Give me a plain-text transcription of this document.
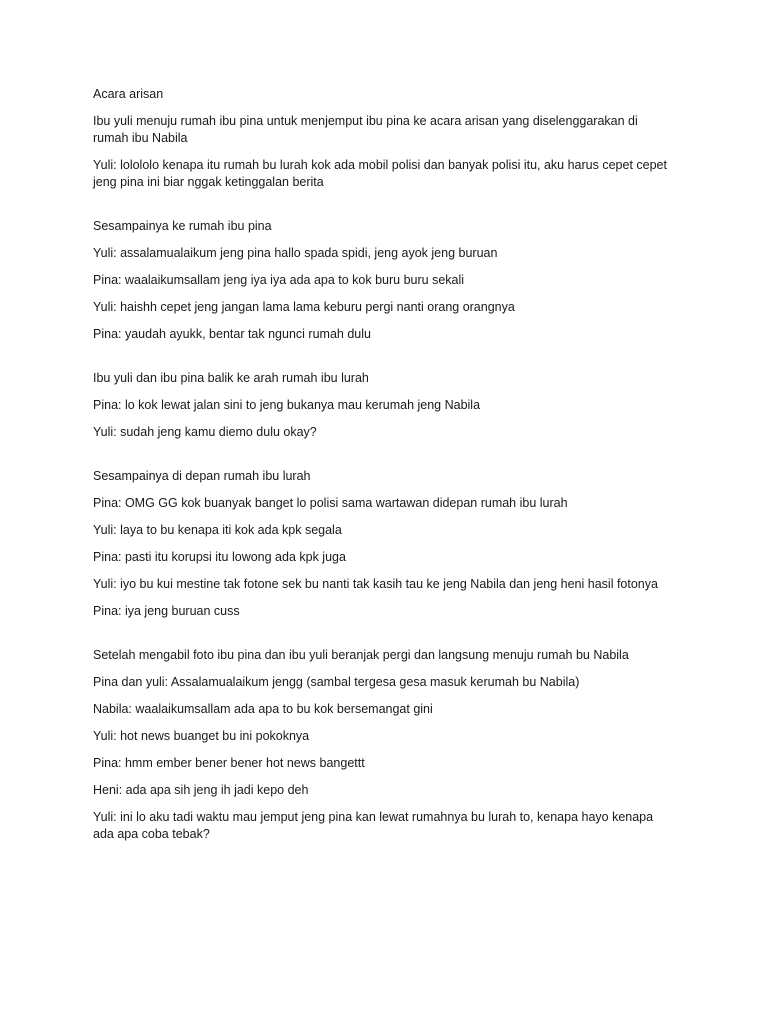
Acara arisan

Ibu yuli menuju rumah ibu pina untuk menjemput ibu pina ke acara arisan yang diselenggarakan di rumah ibu Nabila

Yuli: lolololo kenapa itu rumah bu lurah kok ada mobil polisi dan banyak polisi itu, aku harus cepet cepet jeng pina ini biar nggak ketinggalan berita

Sesampainya ke rumah ibu pina

Yuli: assalamualaikum jeng pina hallo spada spidi, jeng ayok jeng buruan

Pina: waalaikumsallam jeng iya iya ada apa to kok buru buru sekali

Yuli: haishh cepet jeng jangan lama lama keburu pergi nanti orang orangnya

Pina: yaudah ayukk, bentar tak ngunci rumah dulu

Ibu yuli dan ibu pina balik ke arah rumah ibu lurah

Pina: lo kok lewat jalan sini to jeng bukanya mau kerumah jeng Nabila

Yuli: sudah jeng kamu diemo dulu okay?

Sesampainya di depan rumah ibu lurah

Pina: OMG GG kok buanyak banget lo polisi sama wartawan didepan rumah ibu lurah

Yuli: laya to bu kenapa iti kok ada kpk segala

Pina: pasti itu korupsi itu lowong ada kpk juga

Yuli: iyo bu kui mestine tak fotone sek bu nanti tak kasih tau ke jeng Nabila dan jeng heni hasil fotonya

Pina: iya jeng buruan cuss

Setelah mengabil foto ibu pina dan ibu yuli beranjak pergi dan langsung menuju rumah bu Nabila

Pina dan yuli: Assalamualaikum jengg (sambal tergesa gesa masuk kerumah bu Nabila)

Nabila: waalaikumsallam ada apa to bu kok bersemangat gini

Yuli: hot news buanget bu ini pokoknya

Pina: hmm ember bener bener hot news bangettt

Heni: ada apa sih jeng ih jadi kepo deh

Yuli: ini lo aku tadi waktu mau jemput jeng pina kan lewat rumahnya bu lurah to, kenapa hayo kenapa ada apa coba tebak?
